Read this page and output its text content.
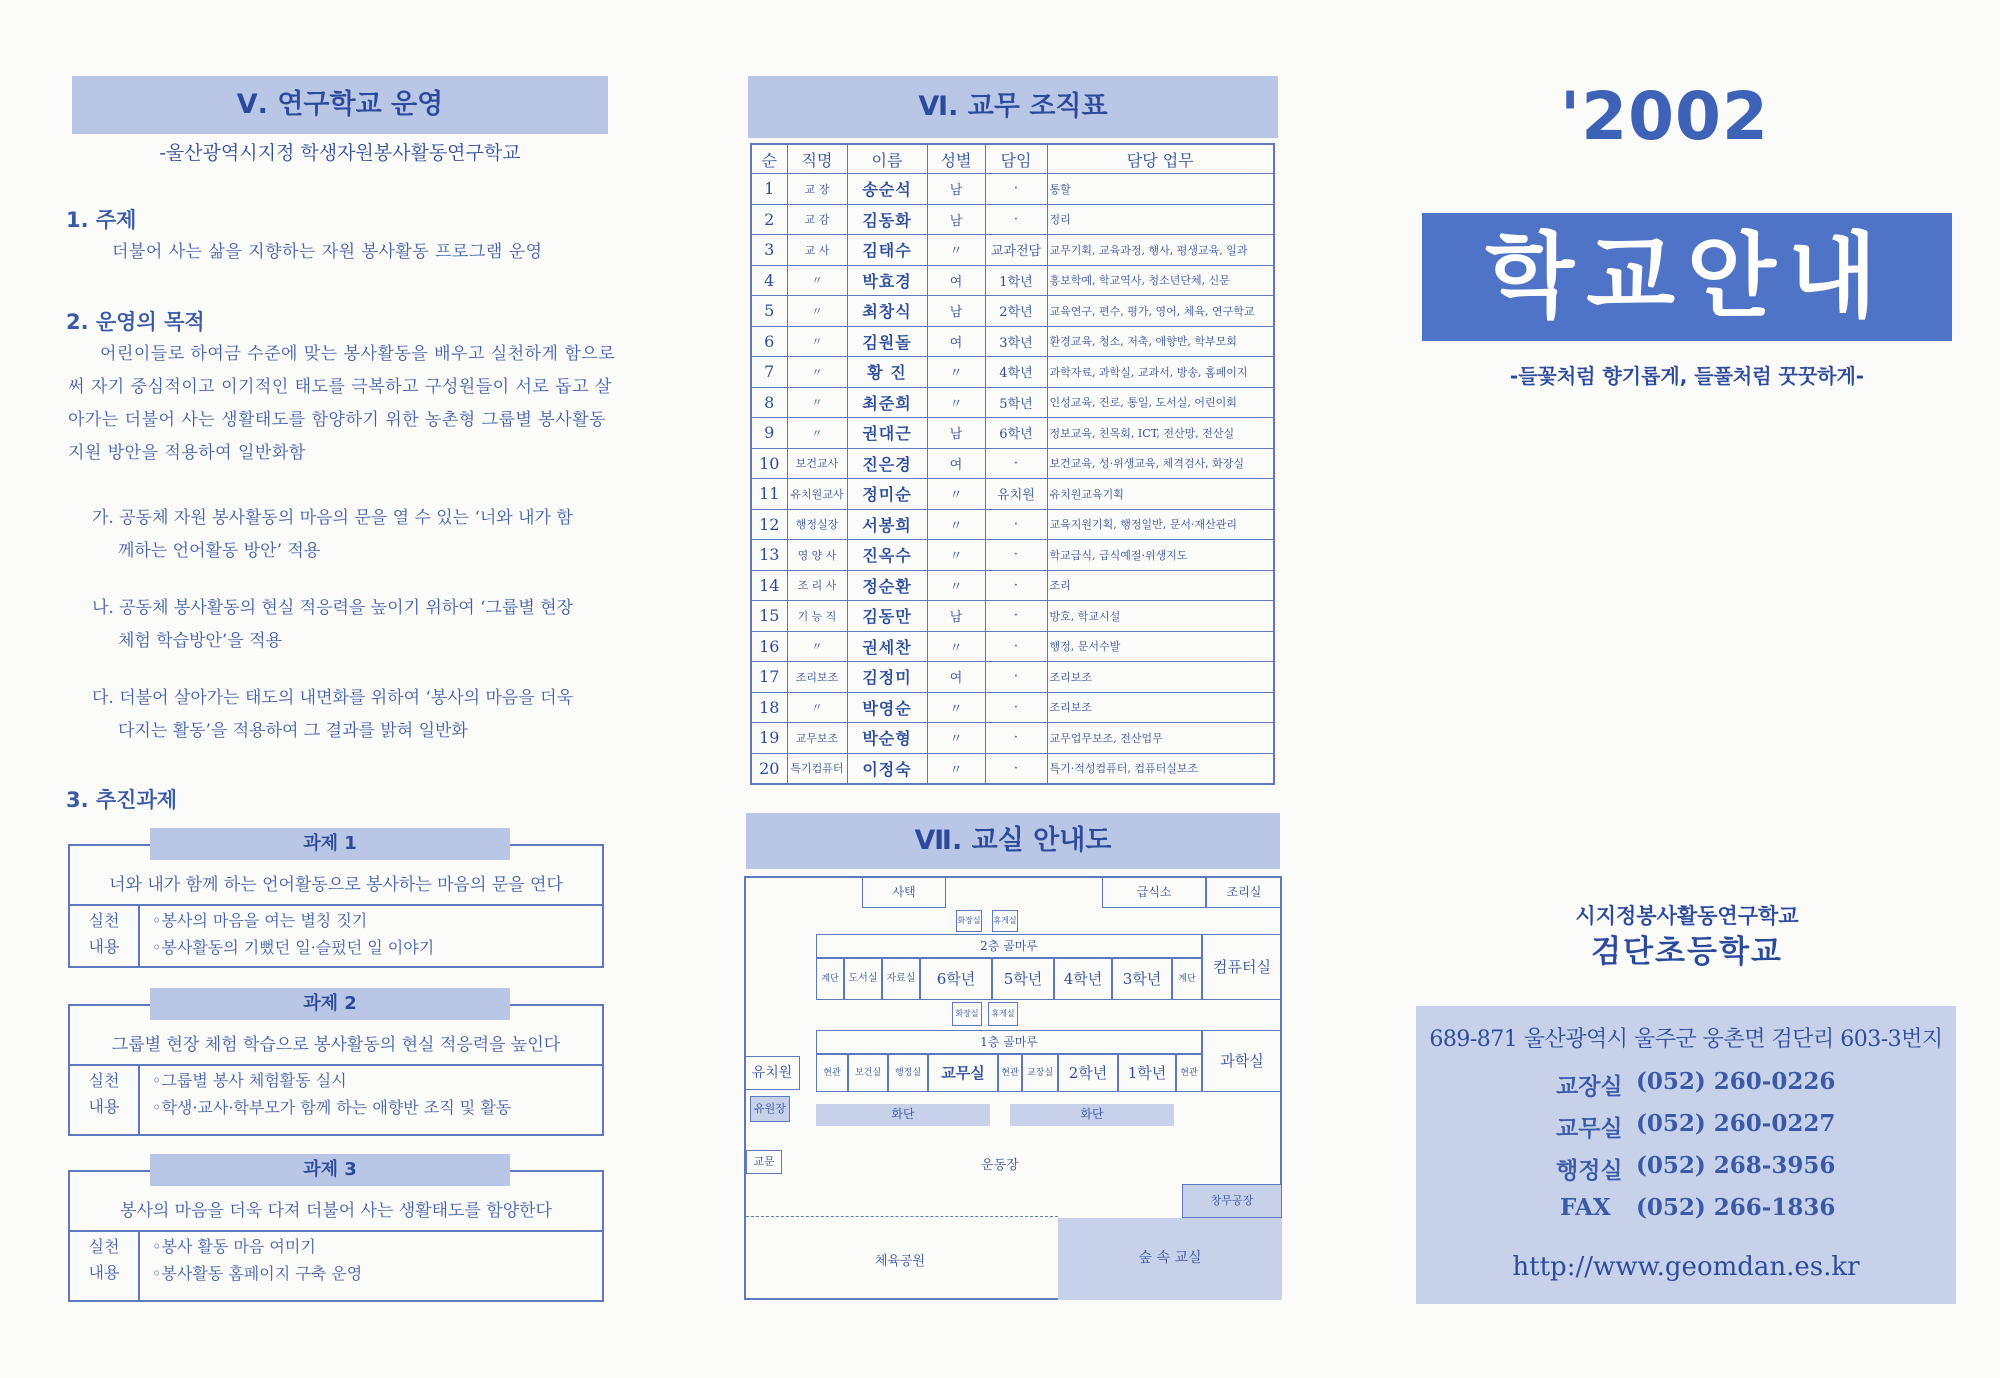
Ⅴ. 연구학교 운영
-울산광역시지정 학생자원봉사활동연구학교
1. 주제
더불어 사는 삶을 지향하는 자원 봉사활동 프로그램 운영
2. 운영의 목적
어린이들로 하여금 수준에 맞는 봉사활동을 배우고 실천하게 함으로
써 자기 중심적이고 이기적인 태도를 극복하고 구성원들이 서로 돕고 살
아가는 더불어 사는 생활태도를 함양하기 위한 농촌형 그룹별 봉사활동
지원 방안을 적용하여 일반화함
가. 공동체 자원 봉사활동의 마음의 문을 열 수 있는 ‘너와 내가 함
께하는 언어활동 방안’ 적용
나. 공동체 봉사활동의 현실 적응력을 높이기 위하여 ‘그룹별 현장
체험 학습방안’을 적용
다. 더불어 살아가는 태도의 내면화를 위하여 ‘봉사의 마음을 더욱
다지는 활동’을 적용하여 그 결과를 밝혀 일반화
3. 추진과제
과제 1
너와 내가 함께 하는 언어활동으로 봉사하는 마음의 문을 연다
실천
내용
◦봉사의 마음을 여는 별칭 짓기
◦봉사활동의 기뻤던 일·슬펐던 일 이야기
과제 2
그룹별 현장 체험 학습으로 봉사활동의 현실 적응력을 높인다
실천
내용
◦그룹별 봉사 체험활동 실시
◦학생·교사·학부모가 함께 하는 애향반 조직 및 활동
과제 3
봉사의 마음을 더욱 다져 더불어 사는 생활태도를 함양한다
실천
내용
◦봉사 활동 마음 여미기
◦봉사활동 홈페이지 구축 운영
Ⅵ. 교무 조직표
순	직명	이름	성별	담임	담당 업무
1	교 장	송순석	남	·	통할
2	교 감	김동화	남	·	정리
3	교 사	김태수	〃	교과전담	교무기획, 교육과정, 행사, 평생교육, 일과
4	〃	박효경	여	1학년	홍보학예, 학교역사, 청소년단체, 신문
5	〃	최창식	남	2학년	교육연구, 편수, 평가, 영어, 체육, 연구학교
6	〃	김원돌	여	3학년	환경교육, 청소, 저축, 애향반, 학부모회
7	〃	황 진	〃	4학년	과학자료, 과학실, 교과서, 방송, 홈페이지
8	〃	최준희	〃	5학년	인성교육, 진로, 통일, 도서실, 어린이회
9	〃	권대근	남	6학년	정보교육, 친목회, ICT, 전산망, 전산실
10	보건교사	진은경	여	·	보건교육, 성·위생교육, 체격검사, 화장실
11	유치원교사	정미순	〃	유치원	유치원교육기획
12	행정실장	서봉희	〃	·	교육지원기획, 행정일반, 문서·재산관리
13	영 양 사	진옥수	〃	·	학교급식, 급식예절·위생지도
14	조 리 사	정순환	〃	·	조리
15	기 능 직	김동만	남	·	방호, 학교시설
16	〃	권세찬	〃	·	행정, 문서수발
17	조리보조	김정미	여	·	조리보조
18	〃	박영순	〃	·	조리보조
19	교무보조	박순형	〃	·	교무업무보조, 전산업무
20	특기컴퓨터	이정숙	〃	·	특기·적성컴퓨터, 컴퓨터실보조
Ⅶ. 교실 안내도
사택	급식소	조리실
화장실 휴게실
2층 골마루
계단 도서실 자료실	6학년	5학년	4학년	3학년	계단
컴퓨터실
화장실	휴게실
1층 골마루
유치원
유원장
현관	보건실	행정실	교무실	현관 교장실	2학년	1학년	현관
과학실
화단	화단
교문	운동장
창무공장
체육공원	숲 속 교실
'2002
학교안내
-들꽃처럼 향기롭게, 들풀처럼 꿋꿋하게-
시지정봉사활동연구학교
검단초등학교
689-871 울산광역시 울주군 웅촌면 검단리 603-3번지
교장실 (052) 260-0226
교무실 (052) 260-0227
행정실 (052) 268-3956
FAX	(052) 266-1836
http://www.geomdan.es.kr
